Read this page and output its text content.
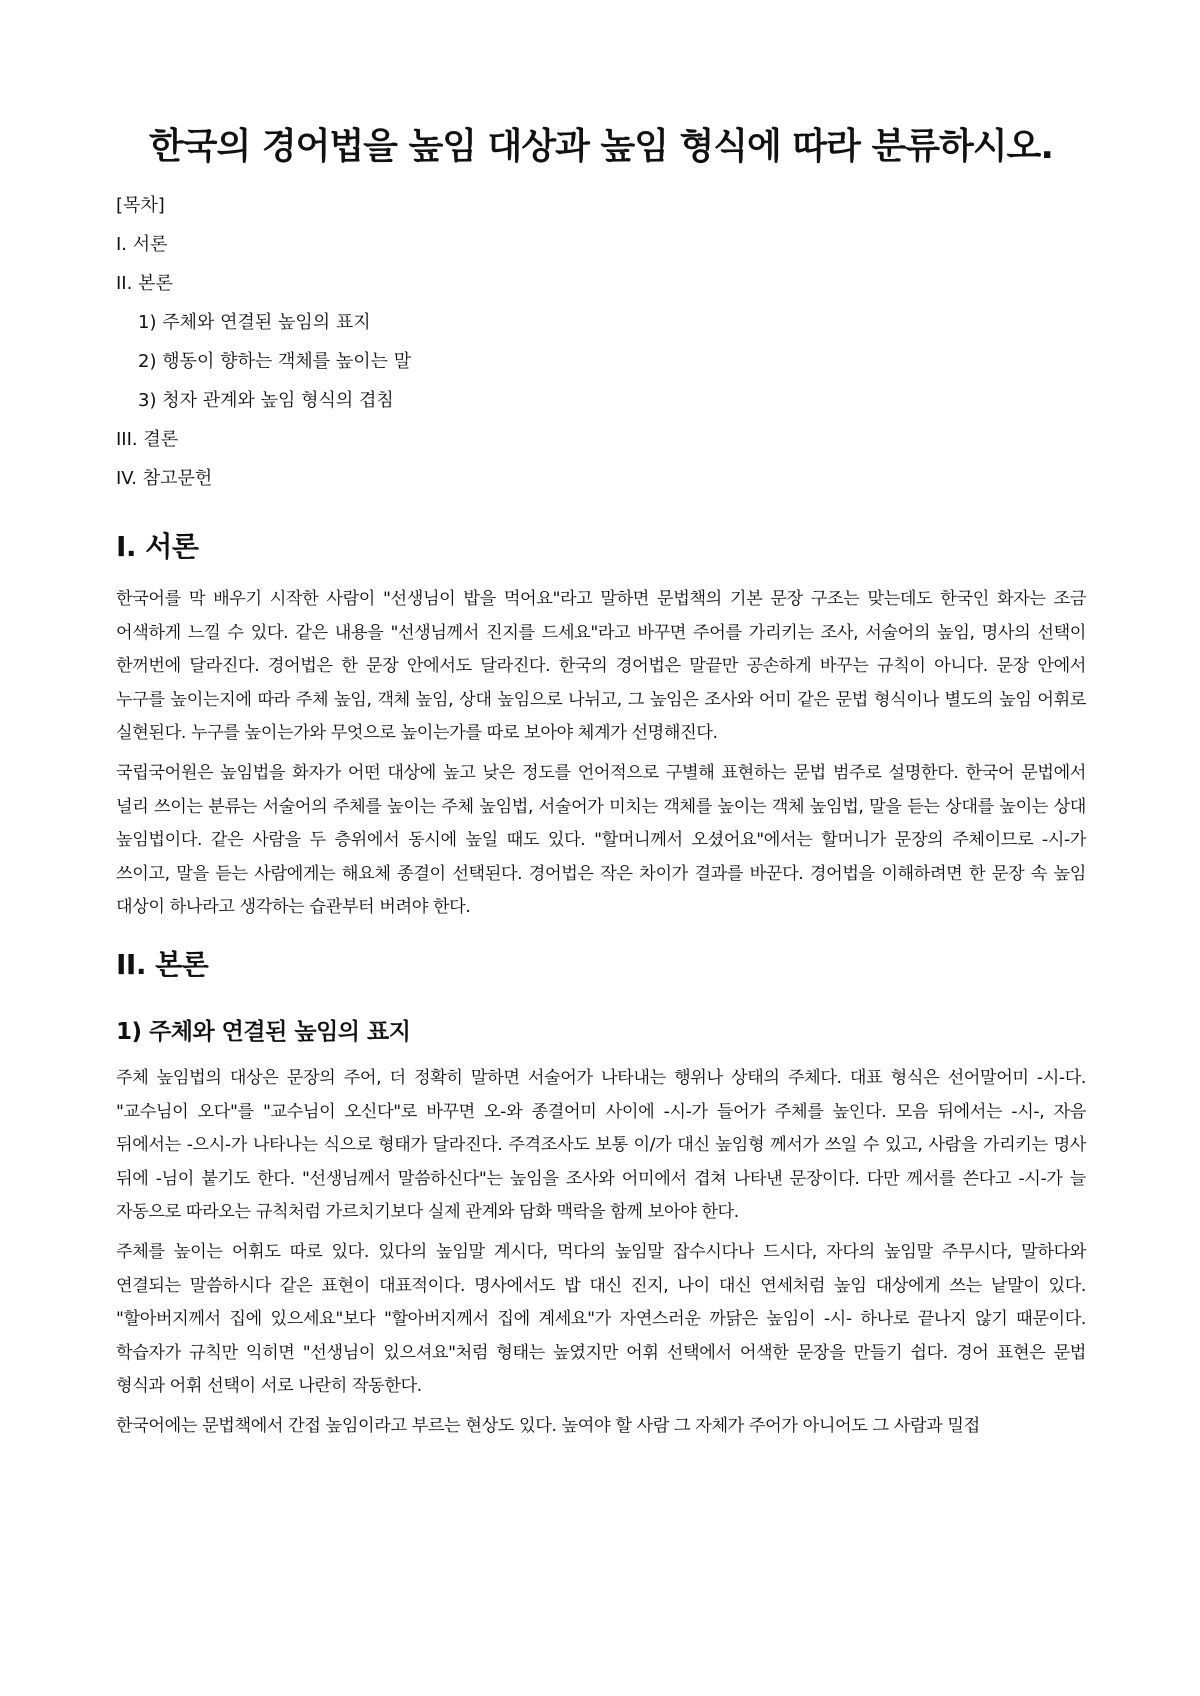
한국의 경어법을 높임 대상과 높임 형식에 따라 분류하시오.
[목차]
I. 서론
II. 본론
1) 주체와 연결된 높임의 표지
2) 행동이 향하는 객체를 높이는 말
3) 청자 관계와 높임 형식의 겹침
III. 결론
IV. 참고문헌
I. 서론

한국어를 막 배우기 시작한 사람이 "선생님이 밥을 먹어요"라고 말하면 문법책의 기본 문장 구조는 맞는데도 한국인 화자는 조금 어색하게 느낄 수 있다. 같은 내용을 "선생님께서 진지를 드세요"라고 바꾸면 주어를 가리키는 조사, 서술어의 높임, 명사의 선택이 한꺼번에 달라진다. 경어법은 한 문장 안에서도 달라진다. 한국의 경어법은 말끝만 공손하게 바꾸는 규칙이 아니다. 문장 안에서 누구를 높이는지에 따라 주체 높임, 객체 높임, 상대 높임으로 나뉘고, 그 높임은 조사와 어미 같은 문법 형식이나 별도의 높임 어휘로 실현된다. 누구를 높이는가와 무엇으로 높이는가를 따로 보아야 체계가 선명해진다.

국립국어원은 높임법을 화자가 어떤 대상에 높고 낮은 정도를 언어적으로 구별해 표현하는 문법 범주로 설명한다. 한국어 문법에서 널리 쓰이는 분류는 서술어의 주체를 높이는 주체 높임법, 서술어가 미치는 객체를 높이는 객체 높임법, 말을 듣는 상대를 높이는 상대 높임법이다. 같은 사람을 두 층위에서 동시에 높일 때도 있다. "할머니께서 오셨어요"에서는 할머니가 문장의 주체이므로 -시-가 쓰이고, 말을 듣는 사람에게는 해요체 종결이 선택된다. 경어법은 작은 차이가 결과를 바꾼다. 경어법을 이해하려면 한 문장 속 높임 대상이 하나라고 생각하는 습관부터 버려야 한다.

II. 본론
1) 주체와 연결된 높임의 표지

주체 높임법의 대상은 문장의 주어, 더 정확히 말하면 서술어가 나타내는 행위나 상태의 주체다. 대표 형식은 선어말어미 -시-다. "교수님이 오다"를 "교수님이 오신다"로 바꾸면 오-와 종결어미 사이에 -시-가 들어가 주체를 높인다. 모음 뒤에서는 -시-, 자음 뒤에서는 -으시-가 나타나는 식으로 형태가 달라진다. 주격조사도 보통 이/가 대신 높임형 께서가 쓰일 수 있고, 사람을 가리키는 명사 뒤에 -님이 붙기도 한다. "선생님께서 말씀하신다"는 높임을 조사와 어미에서 겹쳐 나타낸 문장이다. 다만 께서를 쓴다고 -시-가 늘 자동으로 따라오는 규칙처럼 가르치기보다 실제 관계와 담화 맥락을 함께 보아야 한다.

주체를 높이는 어휘도 따로 있다. 있다의 높임말 계시다, 먹다의 높임말 잡수시다나 드시다, 자다의 높임말 주무시다, 말하다와 연결되는 말씀하시다 같은 표현이 대표적이다. 명사에서도 밥 대신 진지, 나이 대신 연세처럼 높임 대상에게 쓰는 낱말이 있다. "할아버지께서 집에 있으세요"보다 "할아버지께서 집에 계세요"가 자연스러운 까닭은 높임이 -시- 하나로 끝나지 않기 때문이다. 학습자가 규칙만 익히면 "선생님이 있으셔요"처럼 형태는 높였지만 어휘 선택에서 어색한 문장을 만들기 쉽다. 경어 표현은 문법 형식과 어휘 선택이 서로 나란히 작동한다.

한국어에는 문법책에서 간접 높임이라고 부르는 현상도 있다. 높여야 할 사람 그 자체가 주어가 아니어도 그 사람과 밀접
